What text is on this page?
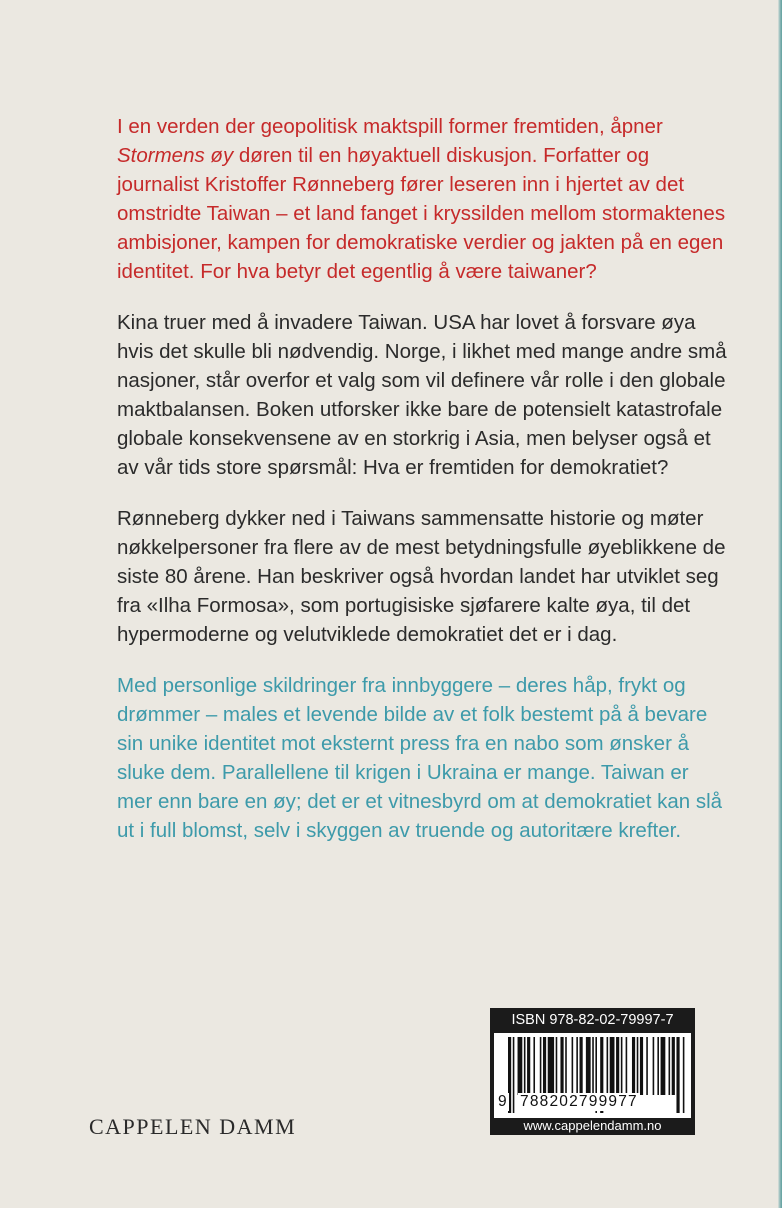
I en verden der geopolitisk maktspill former fremtiden, åpner Stormens øy døren til en høyaktuell diskusjon. Forfatter og journalist Kristoffer Rønneberg fører leseren inn i hjertet av det omstridte Taiwan – et land fanget i kryssilden mellom stormaktenes ambisjoner, kampen for demokratiske verdier og jakten på en egen identitet. For hva betyr det egentlig å være taiwaner?

Kina truer med å invadere Taiwan. USA har lovet å forsvare øya hvis det skulle bli nødvendig. Norge, i likhet med mange andre små nasjoner, står overfor et valg som vil definere vår rolle i den globale maktbalansen. Boken utforsker ikke bare de potensielt katastrofale globale konsekvensene av en storkrig i Asia, men belyser også et av vår tids store spørsmål: Hva er fremtiden for demokratiet?

Rønneberg dykker ned i Taiwans sammensatte historie og møter nøkkelpersoner fra flere av de mest betydningsfulle øyeblikkene de siste 80 årene. Han beskriver også hvordan landet har utviklet seg fra «Ilha Formosa», som portugisiske sjøfarere kalte øya, til det hypermoderne og velutviklede demokratiet det er i dag.

Med personlige skildringer fra innbyggere – deres håp, frykt og drømmer – males et levende bilde av et folk bestemt på å bevare sin unike identitet mot eksternt press fra en nabo som ønsker å sluke dem. Parallellene til krigen i Ukraina er mange. Taiwan er mer enn bare en øy; det er et vitnesbyrd om at demokratiet kan slå ut i full blomst, selv i skyggen av truende og autoritære krefter.

CAPPELEN DAMM
ISBN 978-82-02-79997-7
9 788202799977
www.cappelendamm.no
